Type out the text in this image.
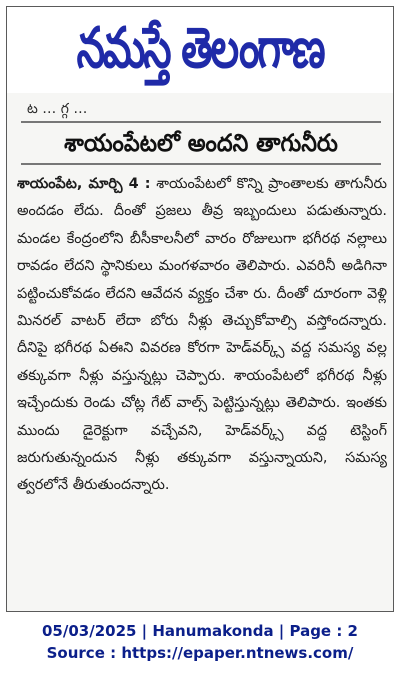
నమస్తే తెలంగాణ
ట … గ్గ …
శాయంపేటలో అందని తాగునీరు
శాయంపేట, మార్చి 4 : శాయంపేటలో కొన్ని ప్రాంతాలకు తాగునీరు అందడం లేదు. దీంతో ప్రజలు తీవ్ర ఇబ్బందులు పడుతున్నారు. మండల కేంద్రంలోని బీసీకాలనీలో వారం రోజులుగా భగీరథ నల్లాలు రావడం లేదని స్థానికులు మంగళవారం తెలిపారు. ఎవరినీ అడిగినా పట్టించుకోవడం లేదని ఆవేదన వ్యక్తం చేశా రు. దీంతో దూరంగా వెళ్లి మినరల్ వాటర్ లేదా బోరు నీళ్లు తెచ్చుకోవాల్సి వస్తోందన్నారు. దీనిపై భగీరథ ఏఈని వివరణ కోరగా హెడ్‌వర్క్స్ వద్ద సమస్య వల్ల తక్కువగా నీళ్లు వస్తున్నట్లు చెప్పారు. శాయంపేటలో భగీరథ నీళ్లు ఇచ్చేందుకు రెండు చోట్ల గేట్ వాల్స్ పెట్టిస్తున్నట్లు తెలిపారు. ఇంతకు ముందు డైరెక్టుగా వచ్చేవని, హెడ్‌వర్క్స్ వద్ద టెస్టింగ్ జరుగుతున్నందున నీళ్లు తక్కువగా వస్తున్నాయని, సమస్య త్వరలోనే తీరుతుందన్నారు.
05/03/2025 | Hanumakonda | Page : 2
Source : https://epaper.ntnews.com/
